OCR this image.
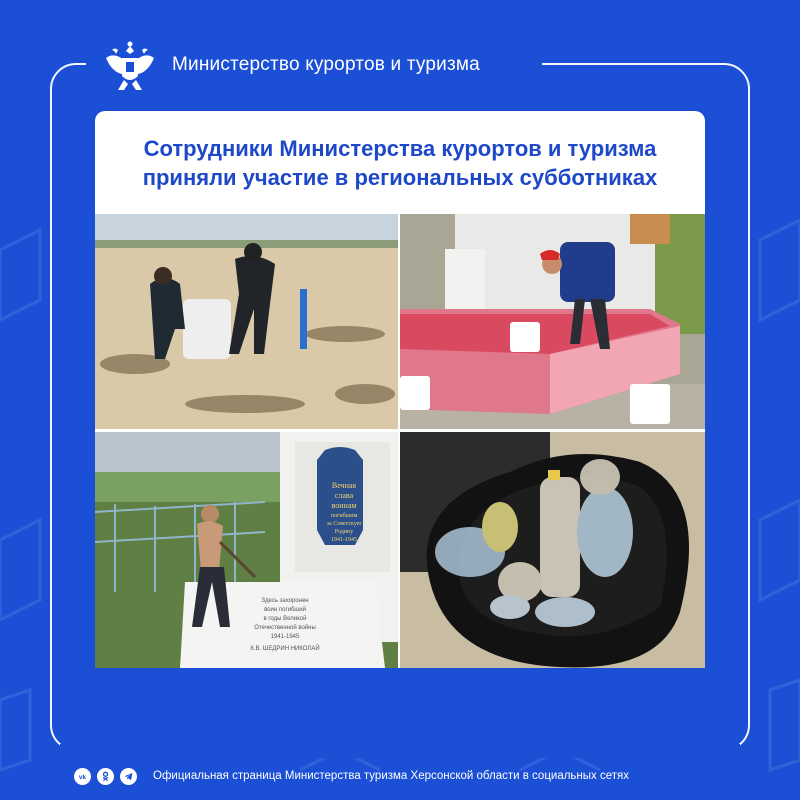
Министерство курортов и туризма
Сотрудники Министерства курортов и туризма приняли участие в региональных субботниках
Вечная
слава
воинам
погибшим
за Советскую
Родину
1941-1945
Здесь захоронен
воин погибший
в годы Великой
Отечественной войны
1941-1945
К.В. ШЕДРИН НИКОЛАЙ
vk	Официальная страница Министерства туризма Херсонской области в социальных сетях
